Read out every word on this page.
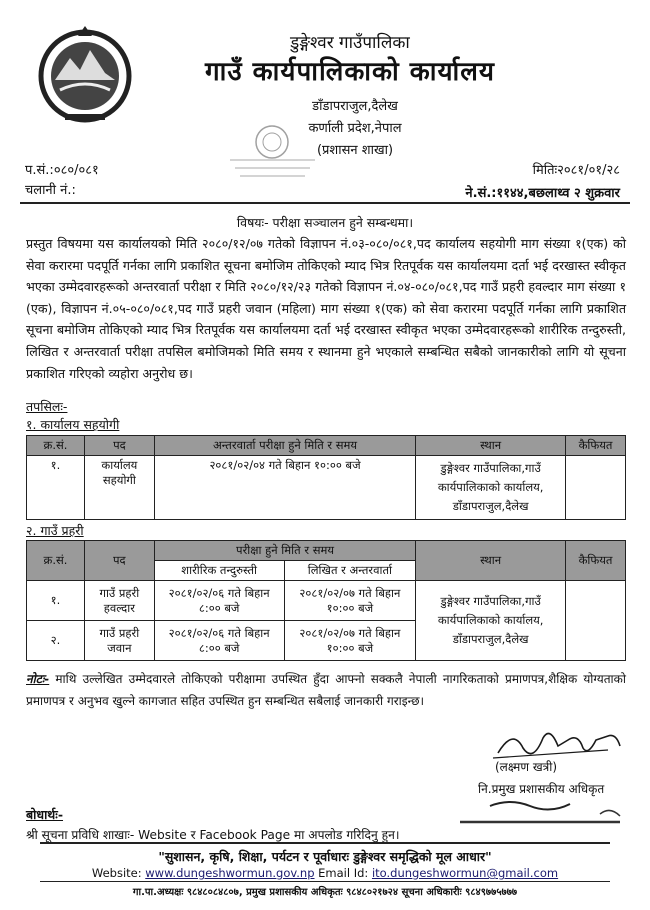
डुङ्गेश्वर गाउँपालिका
गाउँ कार्यपालिकाको कार्यालय
डाँडापराजुल,दैलेख
कर्णाली प्रदेश,नेपाल
(प्रशासन शाखा)
प.सं.:०८०/०८१
चलानी नं.:
मितिः२०८१/०१/२८
ने.सं.:११४४,बछलाथ्व २ शुक्रवार
विषयः- परीक्षा सञ्चालन हुने सम्बन्धमा।
प्रस्तुत विषयमा यस कार्यालयको मिति २०८०/१२/०७ गतेको विज्ञापन नं.०३-०८०/०८१,पद कार्यालय सहयोगी माग संख्या १(एक) को सेवा करारमा पदपूर्ति गर्नका लागि प्रकाशित सूचना बमोजिम तोकिएको म्याद भित्र रितपूर्वक यस कार्यालयमा दर्ता भई दरखास्त स्वीकृत भएका उम्मेदवारहरूको अन्तरवार्ता परीक्षा र मिति २०८०/१२/२३ गतेको विज्ञापन नं.०४-०८०/०८१,पद गाउँ प्रहरी हवल्दार माग संख्या १ (एक), विज्ञापन नं.०५-०८०/०८१,पद गाउँ प्रहरी जवान (महिला) माग संख्या १(एक) को सेवा करारमा पदपूर्ति गर्नका लागि प्रकाशित सूचना बमोजिम तोकिएको म्याद भित्र रितपूर्वक यस कार्यालयमा दर्ता भई दरखास्त स्वीकृत भएका उम्मेदवारहरूको शारीरिक तन्दुरुस्ती, लिखित र अन्तरवार्ता परीक्षा तपसिल बमोजिमको मिति समय र स्थानमा हुने भएकाले सम्बन्धित सबैको जानकारीको लागि यो सूचना प्रकाशित गरिएको व्यहोरा अनुरोध छ।
तपसिलः-
१. कार्यालय सहयोगी
क्र.सं.	पद	अन्तरवार्ता परीक्षा हुने मिति र समय	स्थान	कैफियत
१.	कार्यालय सहयोगी	२०८१/०२/०४ गते बिहान १०:०० बजे	डुङ्गेश्वर गाउँपालिका,गाउँ कार्यपालिकाको कार्यालय, डाँडापराजुल,दैलेख	
२. गाउँ प्रहरी
क्र.सं.	पद	परीक्षा हुने मिति र समय		स्थान	कैफियत
		शारीरिक तन्दुरुस्ती	लिखित र अन्तरवार्ता		
१.	गाउँ प्रहरी हवल्दार	२०८१/०२/०६ गते बिहान ८:०० बजे	२०८१/०२/०७ गते बिहान १०:०० बजे	डुङ्गेश्वर गाउँपालिका,गाउँ कार्यपालिकाको कार्यालय, डाँडापराजुल,दैलेख	
२.	गाउँ प्रहरी जवान	२०८१/०२/०६ गते बिहान ८:०० बजे	२०८१/०२/०७ गते बिहान १०:०० बजे		
नोटः- माथि उल्लेखित उम्मेदवारले तोकिएको परीक्षामा उपस्थित हुँदा आफ्नो सक्कलै नेपाली नागरिकताको प्रमाणपत्र,शैक्षिक योग्यताको प्रमाणपत्र र अनुभव खुल्ने कागजात सहित उपस्थित हुन सम्बन्धित सबैलाई जानकारी गराइन्छ।
(लक्ष्मण खत्री)
नि.प्रमुख प्रशासकीय अधिकृत
बोधार्थः-
श्री सूचना प्रविधि शाखाः- Website र Facebook Page मा अपलोड गरिदिनु हुन।
"सुशासन, कृषि, शिक्षा, पर्यटन र पूर्वाधारः डुङ्गेश्वर समृद्धिको मूल आधार"
Website: www.dungeshwormun.gov.np Email Id: ito.dungeshwormun@gmail.com
गा.पा.अध्यक्षः ९८४८०८४८०७, प्रमुख प्रशासकीय अधिकृतः ९८४८०२१७२४ सूचना अधिकारीः ९८४९७७५७७७
